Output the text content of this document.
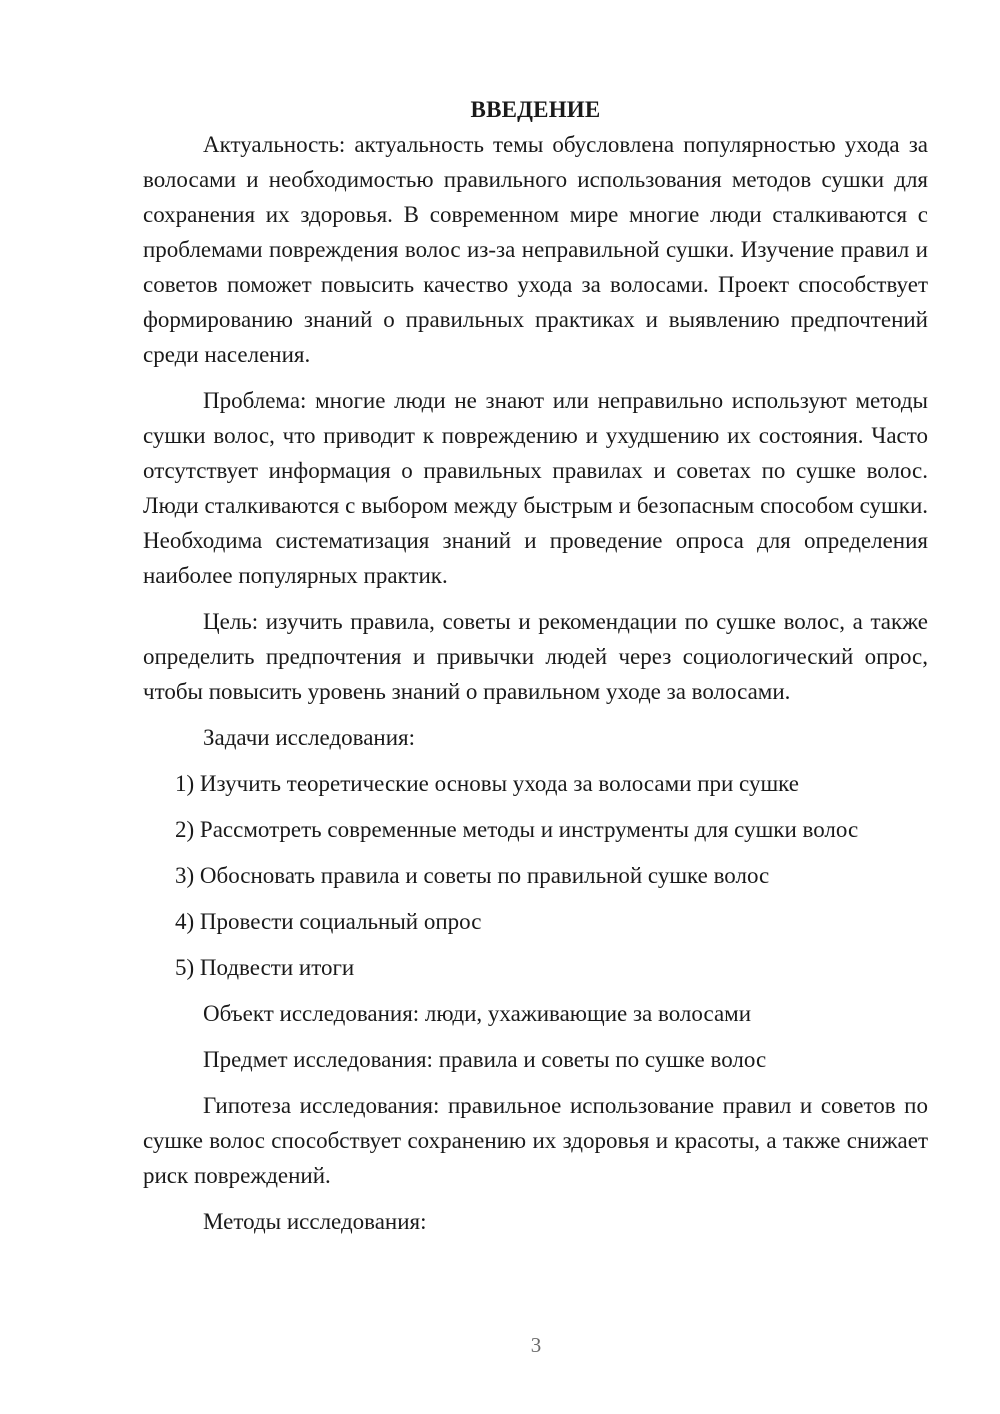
ВВЕДЕНИЕ

Актуальность: актуальность темы обусловлена популярностью ухода за волосами и необходимостью правильного использования методов сушки для сохранения их здоровья. В современном мире многие люди сталкиваются с проблемами повреждения волос из-за неправильной сушки. Изучение правил и советов поможет повысить качество ухода за волосами. Проект способствует формированию знаний о правильных практиках и выявлению предпочтений среди населения.

Проблема: многие люди не знают или неправильно используют методы сушки волос, что приводит к повреждению и ухудшению их состояния. Часто отсутствует информация о правильных правилах и советах по сушке волос. Люди сталкиваются с выбором между быстрым и безопасным способом сушки. Необходима систематизация знаний и проведение опроса для определения наиболее популярных практик.

Цель: изучить правила, советы и рекомендации по сушке волос, а также определить предпочтения и привычки людей через социологический опрос, чтобы повысить уровень знаний о правильном уходе за волосами.

Задачи исследования:

1) Изучить теоретические основы ухода за волосами при сушке

2) Рассмотреть современные методы и инструменты для сушки волос

3) Обосновать правила и советы по правильной сушке волос

4) Провести социальный опрос

5) Подвести итоги

Объект исследования: люди, ухаживающие за волосами

Предмет исследования: правила и советы по сушке волос

Гипотеза исследования: правильное использование правил и советов по сушке волос способствует сохранению их здоровья и красоты, а также снижает риск повреждений.

Методы исследования:

3
